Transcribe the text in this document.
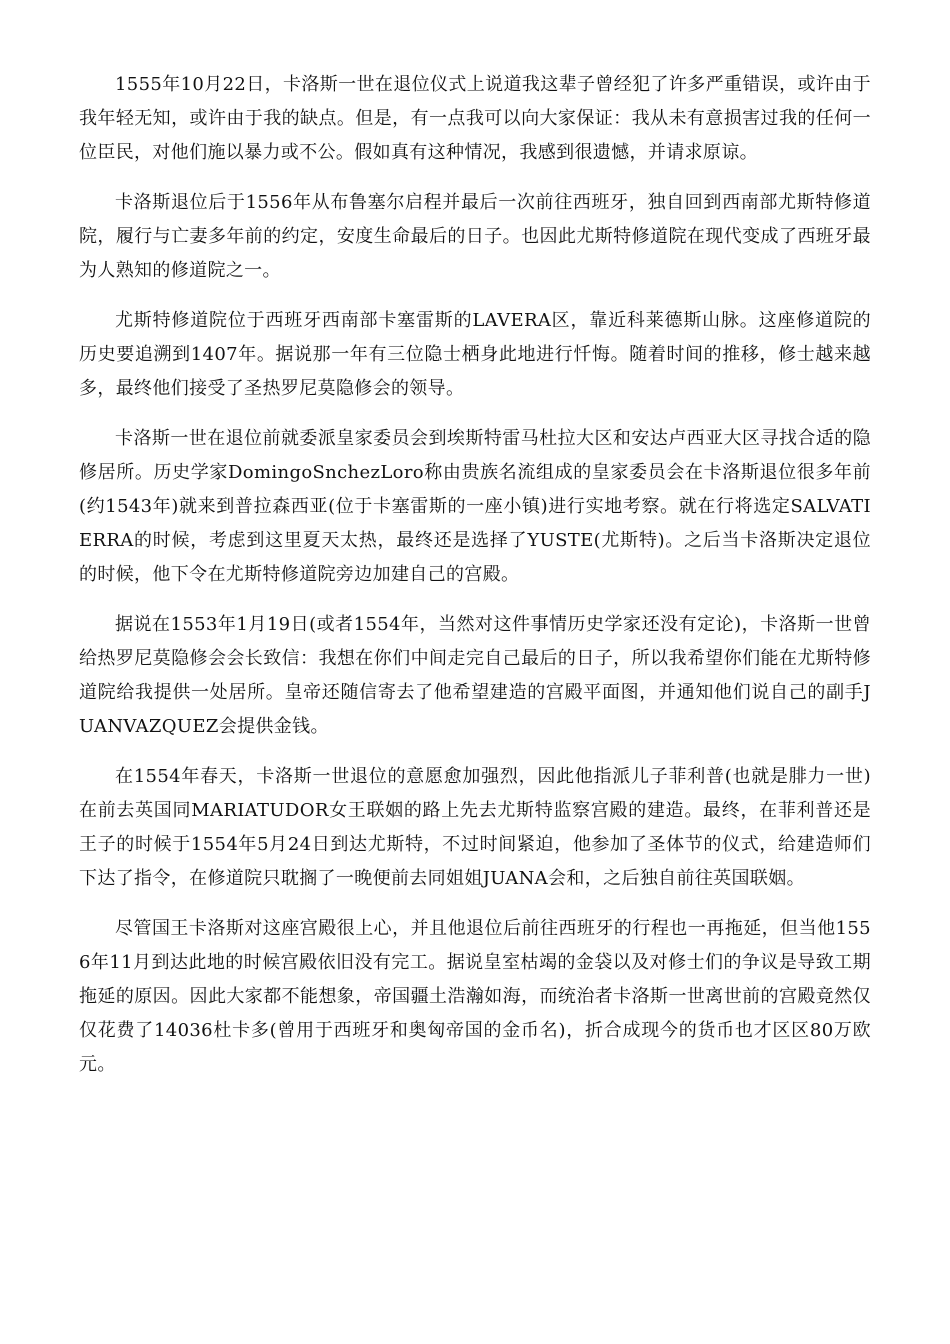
1555年10月22日，卡洛斯一世在退位仪式上说道我这辈子曾经犯了许多严重错误，或许由于我年轻无知，或许由于我的缺点。但是，有一点我可以向大家保证：我从未有意损害过我的任何一位臣民，对他们施以暴力或不公。假如真有这种情况，我感到很遗憾，并请求原谅。

卡洛斯退位后于1556年从布鲁塞尔启程并最后一次前往西班牙，独自回到西南部尤斯特修道院，履行与亡妻多年前的约定，安度生命最后的日子。也因此尤斯特修道院在现代变成了西班牙最为人熟知的修道院之一。

尤斯特修道院位于西班牙西南部卡塞雷斯的LAVERA区，靠近科莱德斯山脉。这座修道院的历史要追溯到1407年。据说那一年有三位隐士栖身此地进行忏悔。随着时间的推移，修士越来越多，最终他们接受了圣热罗尼莫隐修会的领导。

卡洛斯一世在退位前就委派皇家委员会到埃斯特雷马杜拉大区和安达卢西亚大区寻找合适的隐修居所。历史学家DomingoSnchezLoro称由贵族名流组成的皇家委员会在卡洛斯退位很多年前(约1543年)就来到普拉森西亚(位于卡塞雷斯的一座小镇)进行实地考察。就在行将选定SALVATIERRA的时候，考虑到这里夏天太热，最终还是选择了YUSTE(尤斯特)。之后当卡洛斯决定退位的时候，他下令在尤斯特修道院旁边加建自己的宫殿。

据说在1553年1月19日(或者1554年，当然对这件事情历史学家还没有定论)，卡洛斯一世曾给热罗尼莫隐修会会长致信：我想在你们中间走完自己最后的日子，所以我希望你们能在尤斯特修道院给我提供一处居所。皇帝还随信寄去了他希望建造的宫殿平面图，并通知他们说自己的副手JUANVAZQUEZ会提供金钱。

在1554年春天，卡洛斯一世退位的意愿愈加强烈，因此他指派儿子菲利普(也就是腓力一世)在前去英国同MARIATUDOR女王联姻的路上先去尤斯特监察宫殿的建造。最终，在菲利普还是王子的时候于1554年5月24日到达尤斯特，不过时间紧迫，他参加了圣体节的仪式，给建造师们下达了指令，在修道院只耽搁了一晚便前去同姐姐JUANA会和，之后独自前往英国联姻。

尽管国王卡洛斯对这座宫殿很上心，并且他退位后前往西班牙的行程也一再拖延，但当他1556年11月到达此地的时候宫殿依旧没有完工。据说皇室枯竭的金袋以及对修士们的争议是导致工期拖延的原因。因此大家都不能想象，帝国疆土浩瀚如海，而统治者卡洛斯一世离世前的宫殿竟然仅仅花费了14036杜卡多(曾用于西班牙和奥匈帝国的金币名)，折合成现今的货币也才区区80万欧元。
